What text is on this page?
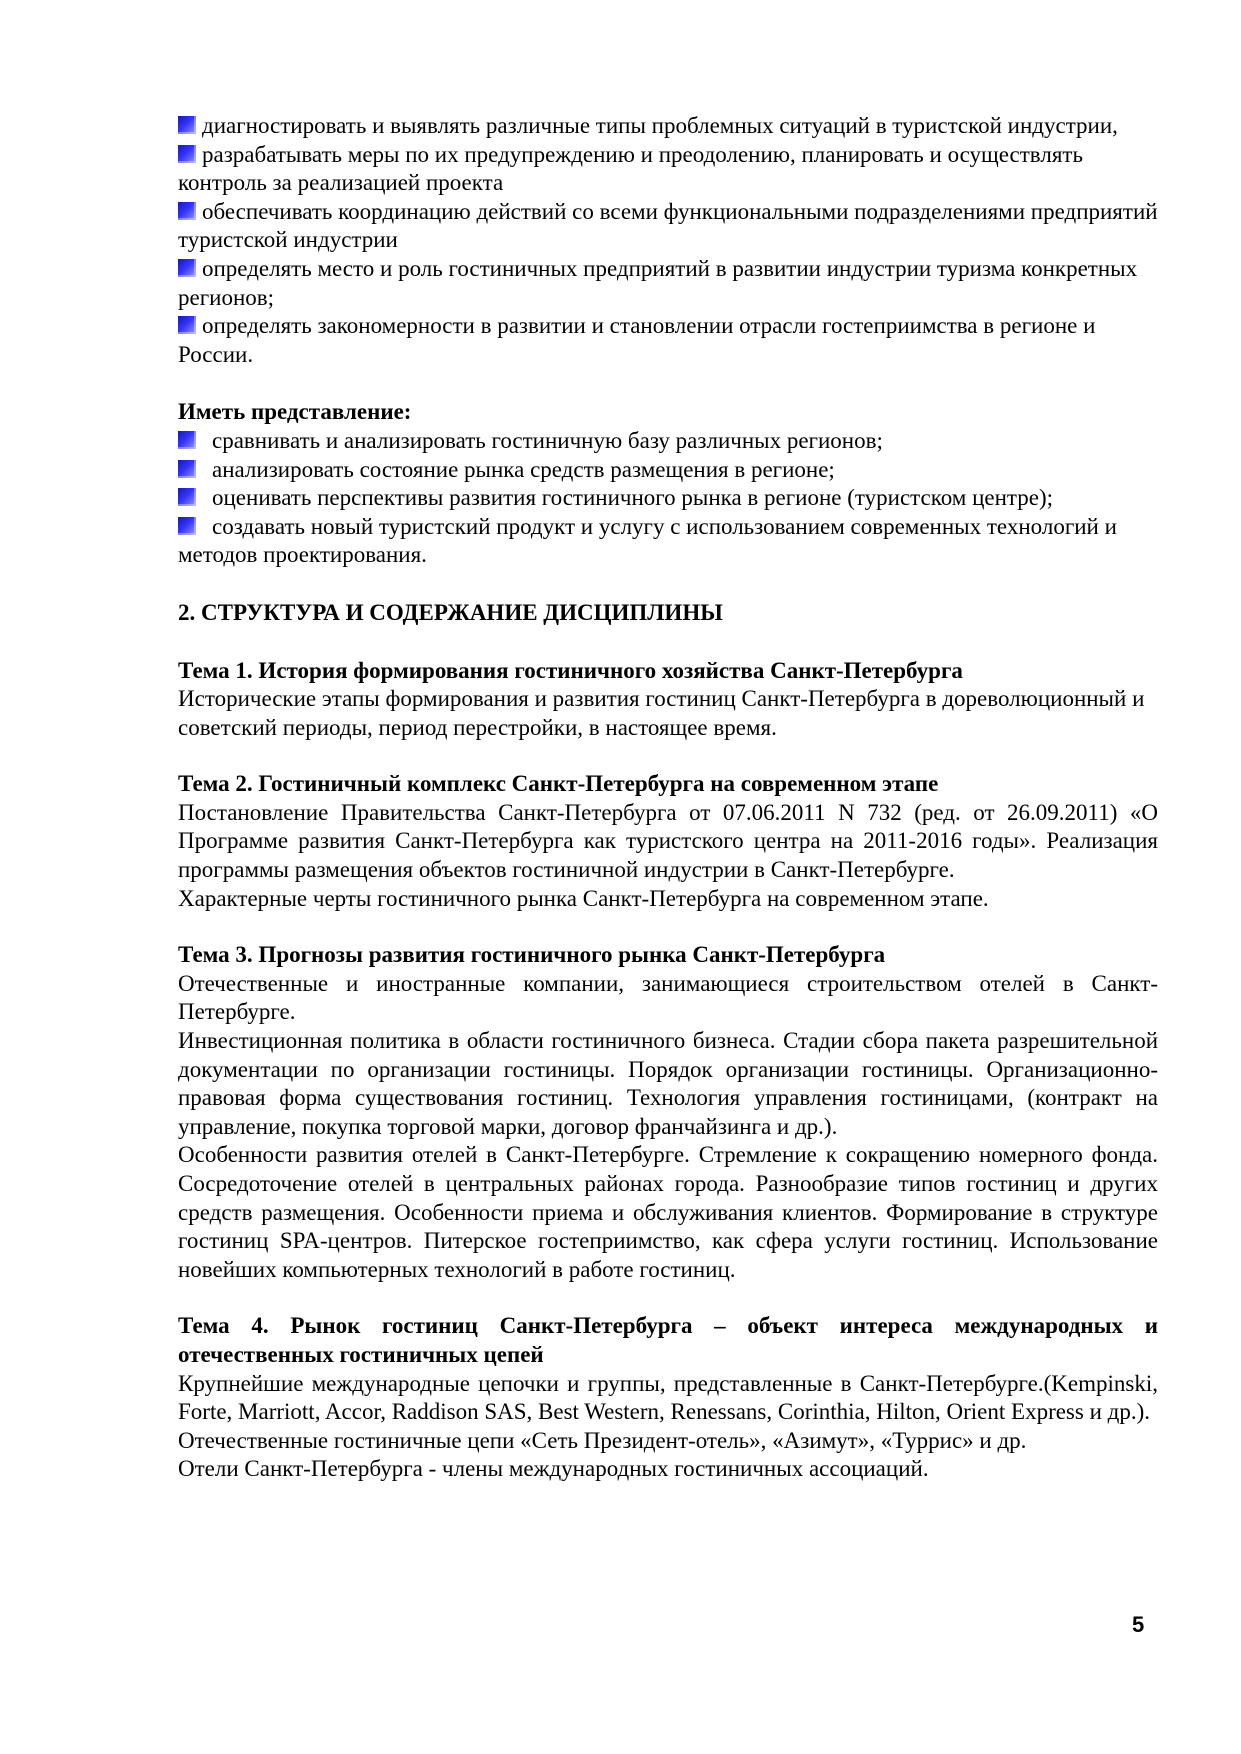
диагностировать и выявлять различные типы проблемных ситуаций в туристской индустрии,

разрабатывать меры по их предупреждению и преодолению, планировать и осуществлять контроль за реализацией проекта

обеспечивать координацию действий со всеми функциональными подразделениями предприятий туристской индустрии

определять место и роль гостиничных предприятий в развитии индустрии туризма конкретных регионов;

определять закономерности в развитии и становлении отрасли гостеприимства в регионе и России.

Иметь представление:

сравнивать и анализировать гостиничную базу различных регионов;

анализировать состояние рынка средств размещения в регионе;

оценивать перспективы развития гостиничного рынка в регионе (туристском центре);

создавать новый туристский продукт и услугу с использованием современных технологий и методов проектирования.

2. СТРУКТУРА И СОДЕРЖАНИЕ ДИСЦИПЛИНЫ

Тема 1. История формирования гостиничного хозяйства Санкт-Петербурга

Исторические этапы формирования и развития гостиниц Санкт-Петербурга в дореволюционный и советский периоды, период перестройки, в настоящее время.

Тема 2. Гостиничный комплекс Санкт-Петербурга на современном этапе

Постановление Правительства Санкт-Петербурга от 07.06.2011 N 732 (ред. от 26.09.2011) «О Программе развития Санкт-Петербурга как туристского центра на 2011-2016 годы». Реализация программы размещения объектов гостиничной индустрии в Санкт-Петербурге.

Характерные черты гостиничного рынка Санкт-Петербурга на современном этапе.

Тема 3. Прогнозы развития гостиничного рынка Санкт-Петербурга

Отечественные и иностранные компании, занимающиеся строительством отелей в Санкт-Петербурге.

Инвестиционная политика в области гостиничного бизнеса. Стадии сбора пакета разрешительной документации по организации гостиницы. Порядок организации гостиницы. Организационно-правовая форма существования гостиниц. Технология управления гостиницами, (контракт на управление, покупка торговой марки, договор франчайзинга и др.).

Особенности развития отелей в Санкт-Петербурге. Стремление к сокращению номерного фонда. Сосредоточение отелей в центральных районах города. Разнообразие типов гостиниц и других средств размещения. Особенности приема и обслуживания клиентов. Формирование в структуре гостиниц SPA-центров. Питерское гостеприимство, как сфера услуги гостиниц. Использование новейших компьютерных технологий в работе гостиниц.

Тема 4. Рынок гостиниц Санкт-Петербурга – объект интереса международных и отечественных гостиничных цепей

Крупнейшие международные цепочки и группы, представленные в Санкт-Петербурге.(Kempinski, Forte, Marriott, Accor, Raddison SAS, Best Western, Renessans, Corinthia, Hilton, Orient Express и др.).

Отечественные гостиничные цепи «Сеть Президент-отель», «Азимут», «Туррис» и др.

Отели Санкт-Петербурга - члены международных гостиничных ассоциаций.

5
